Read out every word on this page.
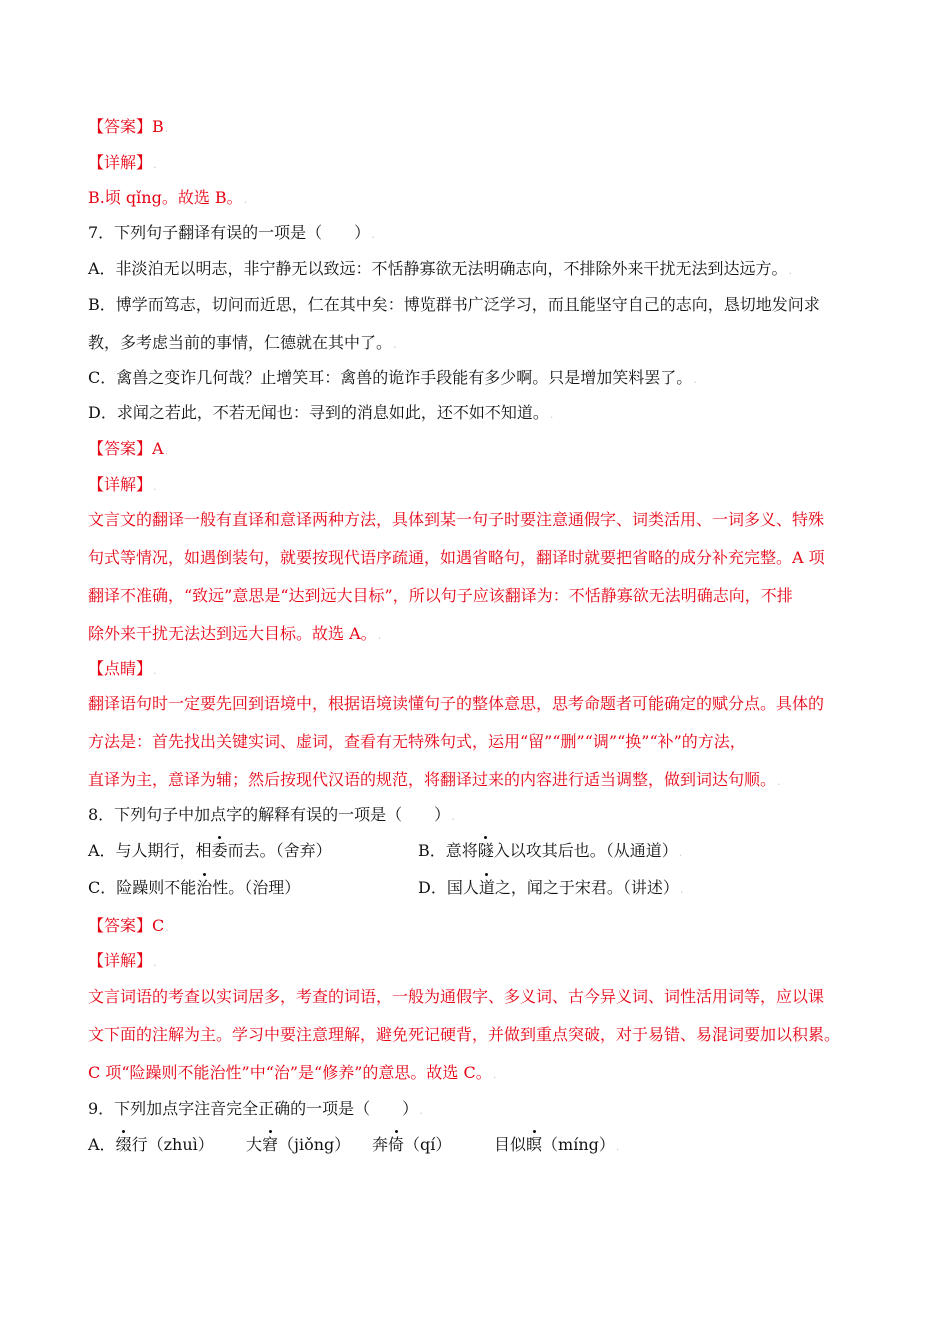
【答案】B.
【详解】.
B.顷 qǐng。故选 B。.
7．下列句子翻译有误的一项是（　　）.
A．非淡泊无以明志，非宁静无以致远：不恬静寡欲无法明确志向，不排除外来干扰无法到达远方。.
B．博学而笃志，切问而近思，仁在其中矣：博览群书广泛学习，而且能坚守自己的志向，恳切地发问求
教，多考虑当前的事情，仁德就在其中了。.
C．禽兽之变诈几何哉？止增笑耳：禽兽的诡诈手段能有多少啊。只是增加笑料罢了。.
D．求闻之若此，不若无闻也：寻到的消息如此，还不如不知道。.
【答案】A.
【详解】.
文言文的翻译一般有直译和意译两种方法，具体到某一句子时要注意通假字、词类活用、一词多义、特殊
句式等情况，如遇倒装句，就要按现代语序疏通，如遇省略句，翻译时就要把省略的成分补充完整。A 项
翻译不准确，“致远”意思是“达到远大目标”，所以句子应该翻译为：不恬静寡欲无法明确志向，不排
除外来干扰无法达到远大目标。故选 A。.
【点睛】.
翻译语句时一定要先回到语境中，根据语境读懂句子的整体意思，思考命题者可能确定的赋分点。具体的
方法是：首先找出关键实词、虚词，查看有无特殊句式，运用“留”“删”“调”“换”“补”的方法，
直译为主，意译为辅；然后按现代汉语的规范，将翻译过来的内容进行适当调整，做到词达句顺。.
8．下列句子中加点字的解释有误的一项是（　　）.
A．与人期行，相委而去。（舍弃）	B．意将隧入以攻其后也。（从通道）.
C．险躁则不能治性。（治理）	D．国人道之，闻之于宋君。（讲述）.
【答案】C.
【详解】.
文言词语的考查以实词居多，考查的词语，一般为通假字、多义词、古今异义词、词性活用词等，应以课
文下面的注解为主。学习中要注意理解，避免死记硬背，并做到重点突破，对于易错、易混词要加以积累。
C 项“险躁则不能治性”中“治”是“修养”的意思。故选 C。.
9．下列加点字注音完全正确的一项是（　　）.
A．缀行（zhuì） 大窘（jiǒng） 奔倚（qí）	目似瞑（míng）.
